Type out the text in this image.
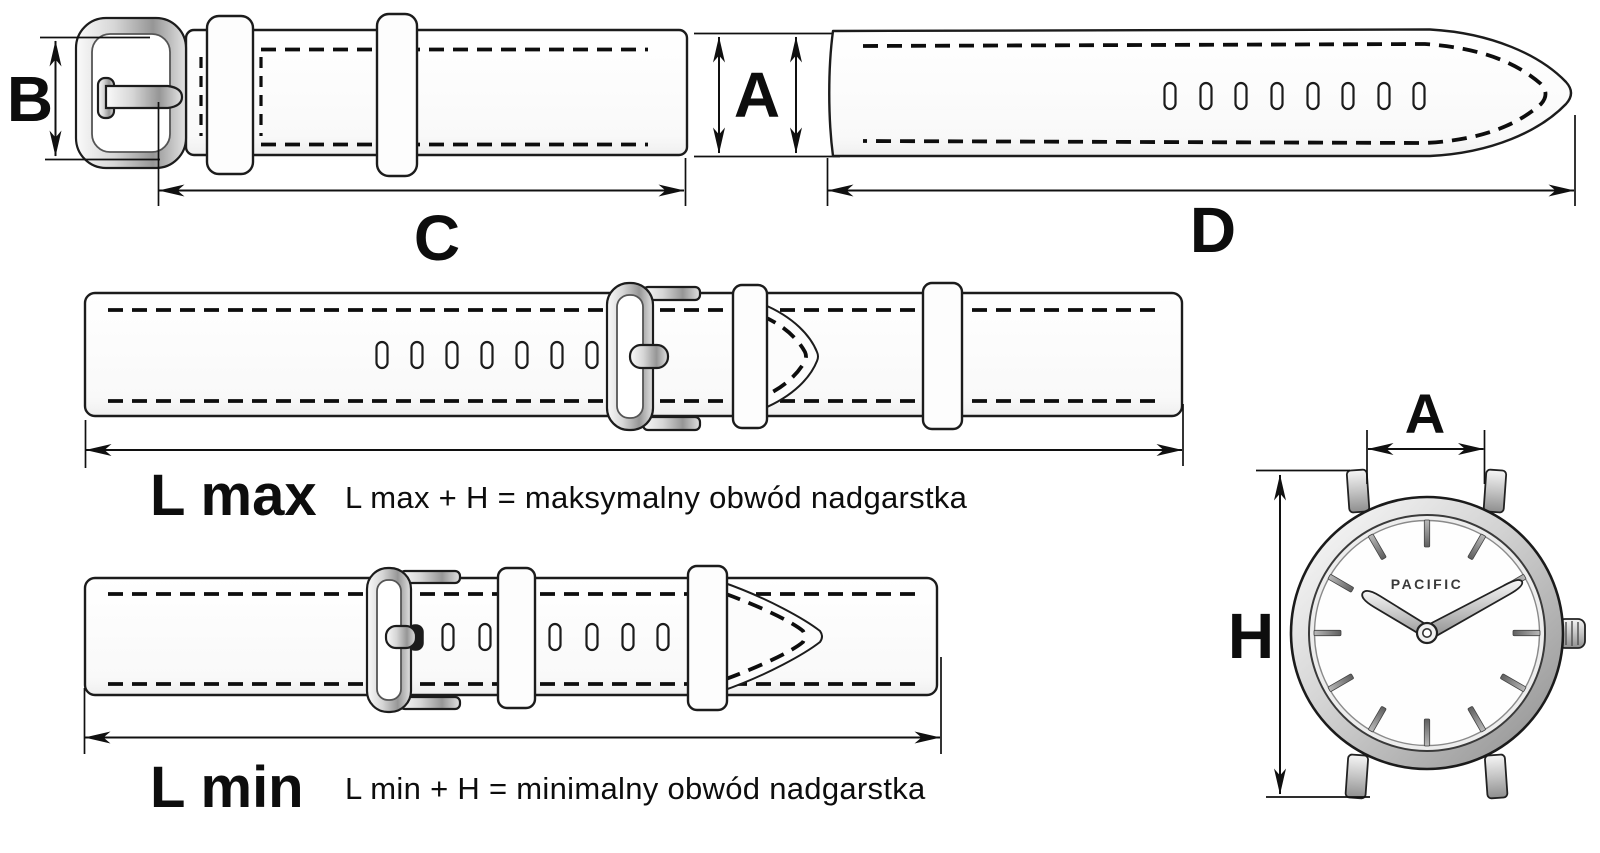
B	A
C	D
L max L max + H = maksymalny obwód nadgarstka
L min L min + H = minimalny obwód nadgarstka
PACIFIC
A
H
